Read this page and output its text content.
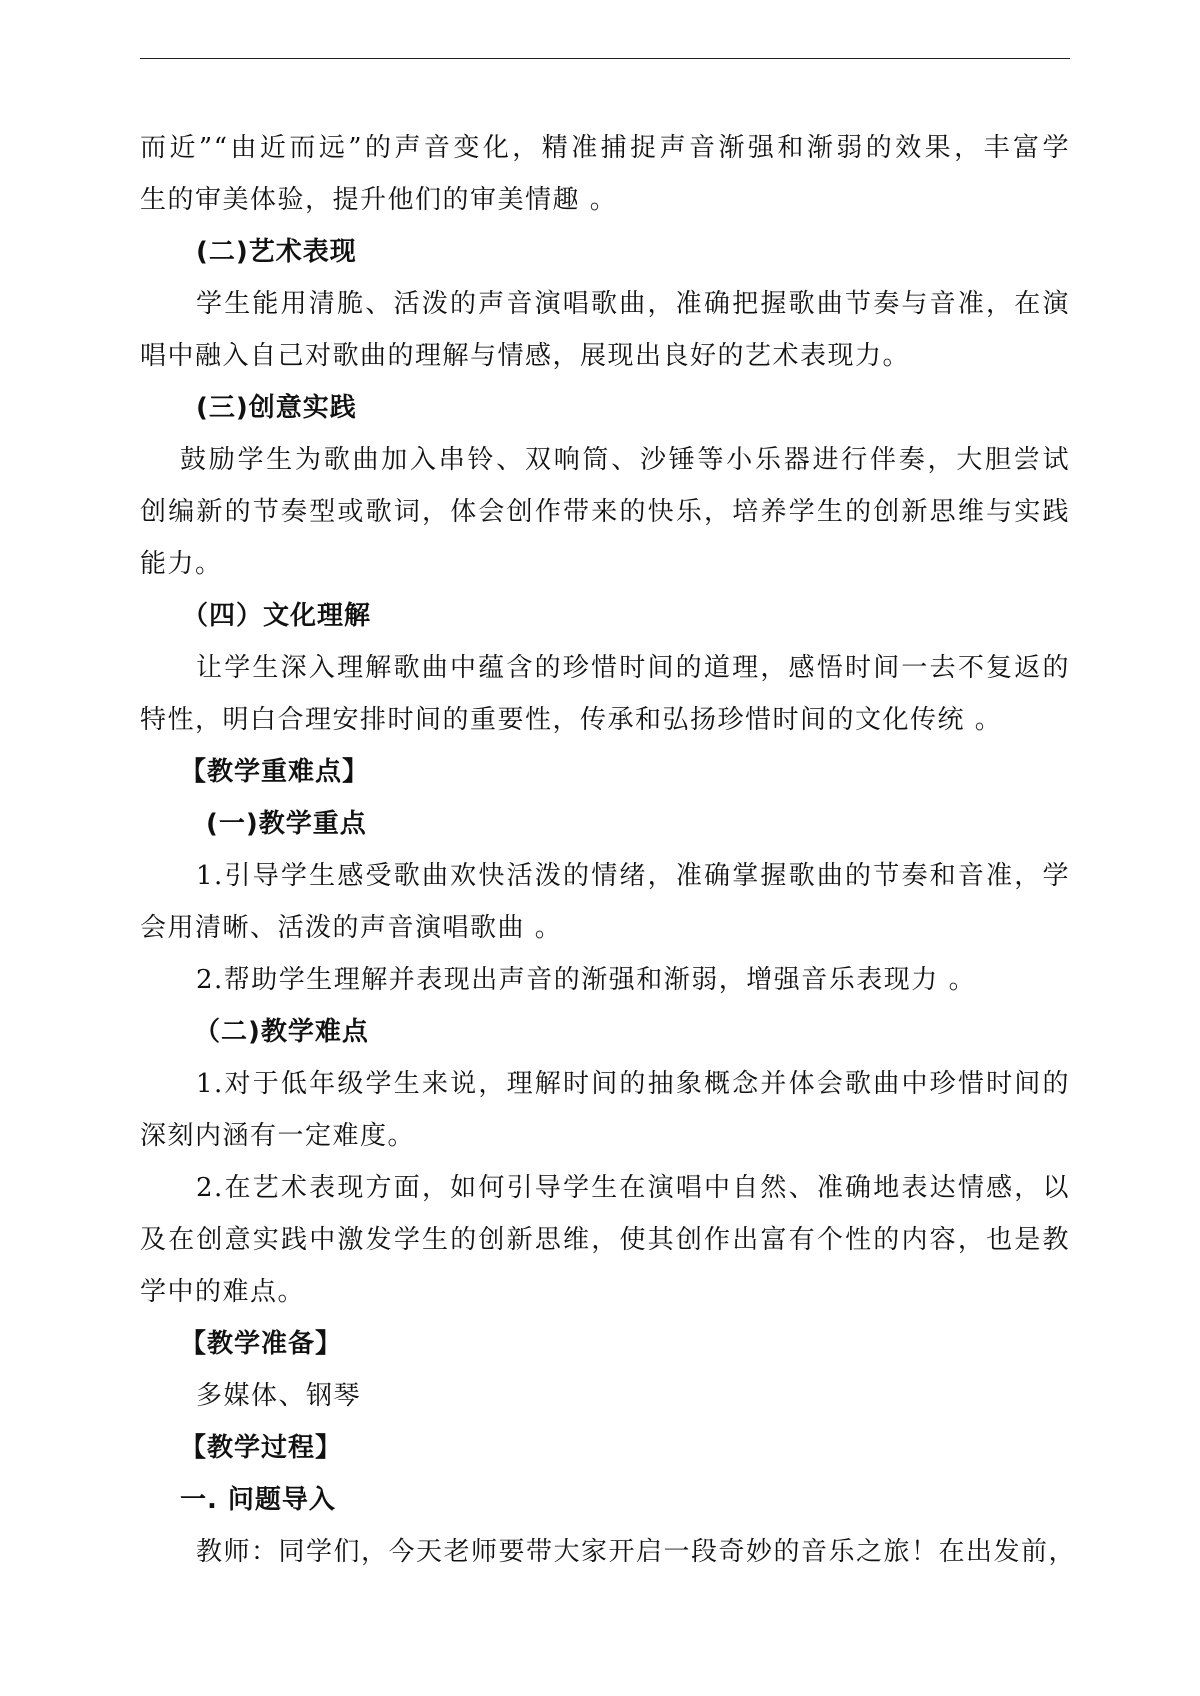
而近”“由近而远”的声音变化，精准捕捉声音渐强和渐弱的效果，丰富学
生的审美体验，提升他们的审美情趣 。
(二)艺术表现
学生能用清脆、活泼的声音演唱歌曲，准确把握歌曲节奏与音准，在演
唱中融入自己对歌曲的理解与情感，展现出良好的艺术表现力。
(三)创意实践
鼓励学生为歌曲加入串铃、双响筒、沙锤等小乐器进行伴奏，大胆尝试
创编新的节奏型或歌词，体会创作带来的快乐，培养学生的创新思维与实践
能力。
（四）文化理解
让学生深入理解歌曲中蕴含的珍惜时间的道理，感悟时间一去不复返的
特性，明白合理安排时间的重要性，传承和弘扬珍惜时间的文化传统 。
【教学重难点】
(一)教学重点
1.引导学生感受歌曲欢快活泼的情绪，准确掌握歌曲的节奏和音准，学
会用清晰、活泼的声音演唱歌曲 。
2.帮助学生理解并表现出声音的渐强和渐弱，增强音乐表现力 。
（二)教学难点
1.对于低年级学生来说，理解时间的抽象概念并体会歌曲中珍惜时间的
深刻内涵有一定难度。
2.在艺术表现方面，如何引导学生在演唱中自然、准确地表达情感，以
及在创意实践中激发学生的创新思维，使其创作出富有个性的内容，也是教
学中的难点。
【教学准备】
多媒体、钢琴
【教学过程】
一. 问题导入
教师：同学们，今天老师要带大家开启一段奇妙的音乐之旅！在出发前，
